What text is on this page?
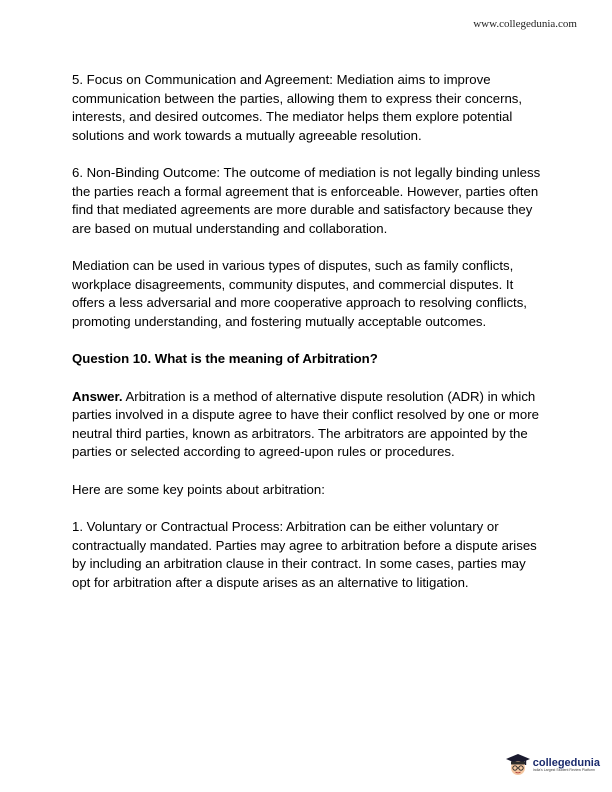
www.collegedunia.com

5. Focus on Communication and Agreement: Mediation aims to improve communication between the parties, allowing them to express their concerns, interests, and desired outcomes. The mediator helps them explore potential solutions and work towards a mutually agreeable resolution.

6. Non-Binding Outcome: The outcome of mediation is not legally binding unless the parties reach a formal agreement that is enforceable. However, parties often find that mediated agreements are more durable and satisfactory because they are based on mutual understanding and collaboration.

Mediation can be used in various types of disputes, such as family conflicts, workplace disagreements, community disputes, and commercial disputes. It offers a less adversarial and more cooperative approach to resolving conflicts, promoting understanding, and fostering mutually acceptable outcomes.

Question 10. What is the meaning of Arbitration?

Answer. Arbitration is a method of alternative dispute resolution (ADR) in which parties involved in a dispute agree to have their conflict resolved by one or more neutral third parties, known as arbitrators. The arbitrators are appointed by the parties or selected according to agreed-upon rules or procedures.

Here are some key points about arbitration:

1. Voluntary or Contractual Process: Arbitration can be either voluntary or contractually mandated. Parties may agree to arbitration before a dispute arises by including an arbitration clause in their contract. In some cases, parties may opt for arbitration after a dispute arises as an alternative to litigation.

collegedunia
India's Largest Student Review Platform
